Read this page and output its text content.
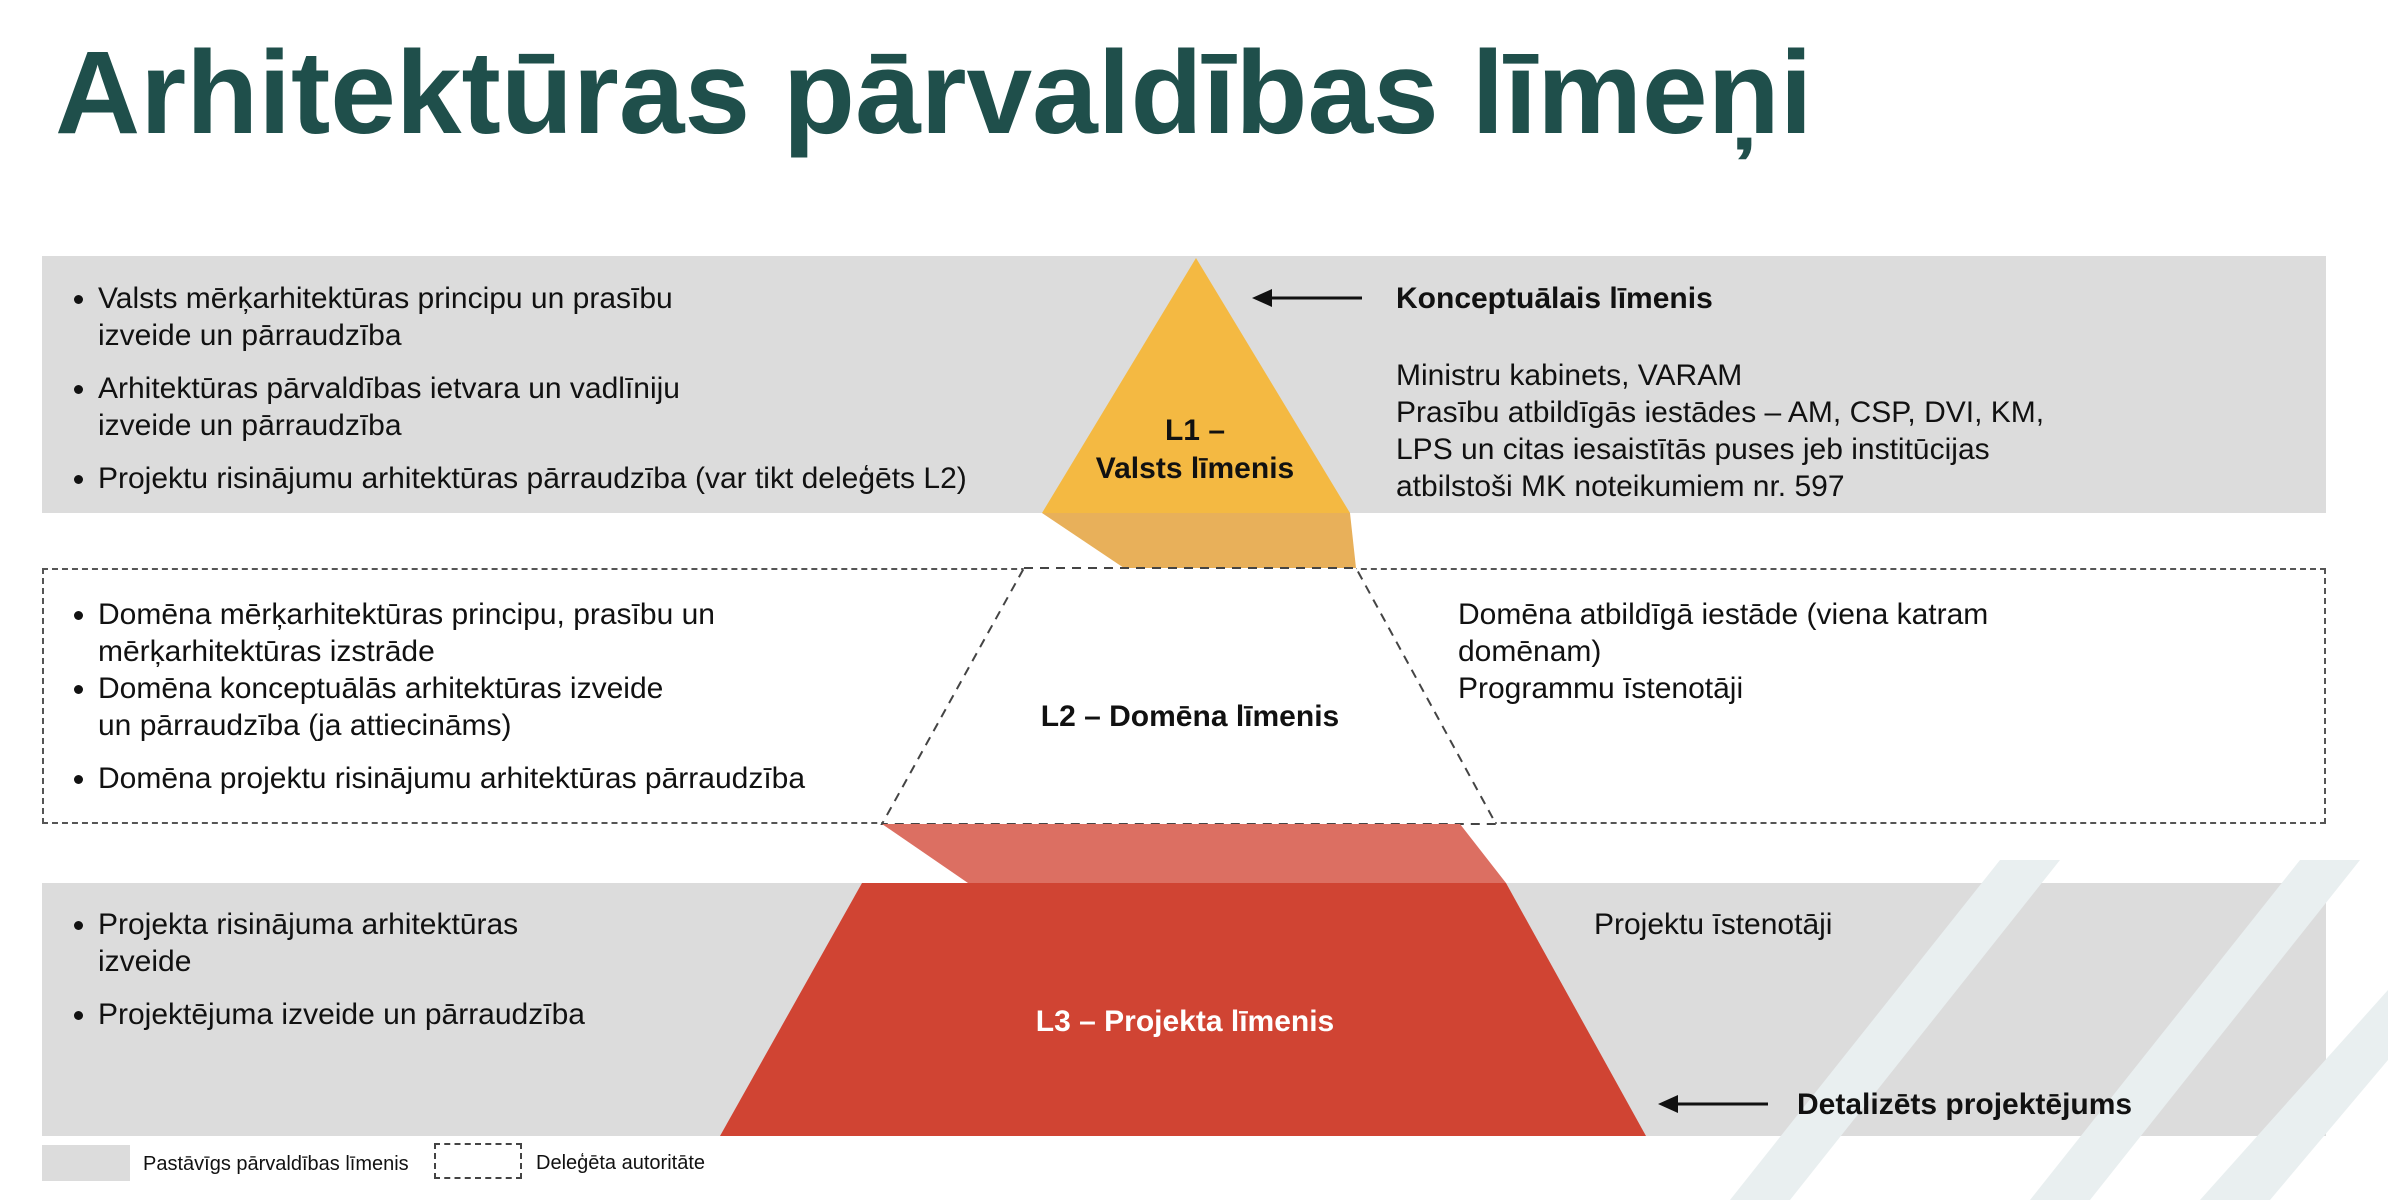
Arhitektūras pārvaldības līmeņi
L1 –
Valsts līmenis
L2 – Domēna līmenis
L3 – Projekta līmenis
• Valsts mērķarhitektūras principu un prasību izveide un pārraudzība
• Arhitektūras pārvaldības ietvara un vadlīniju izveide un pārraudzība
• Projektu risinājumu arhitektūras pārraudzība (var tikt deleģēts L2)
Konceptuālais līmenis
Ministru kabinets, VARAM
Prasību atbildīgās iestādes – AM, CSP, DVI, KM,
LPS un citas iesaistītās puses jeb institūcijas
atbilstoši MK noteikumiem nr. 597
• Domēna mērķarhitektūras principu, prasību un mērķarhitektūras izstrāde
• Domēna konceptuālās arhitektūras izveide un pārraudzība (ja attiecināms)
• Domēna projektu risinājumu arhitektūras pārraudzība
Domēna atbildīgā iestāde (viena katram
domēnam)
Programmu īstenotāji
• Projekta risinājuma arhitektūras izveide
• Projektējuma izveide un pārraudzība
Projektu īstenotāji
Detalizēts projektējums
Pastāvīgs pārvaldības līmenis	Deleģēta autoritāte
